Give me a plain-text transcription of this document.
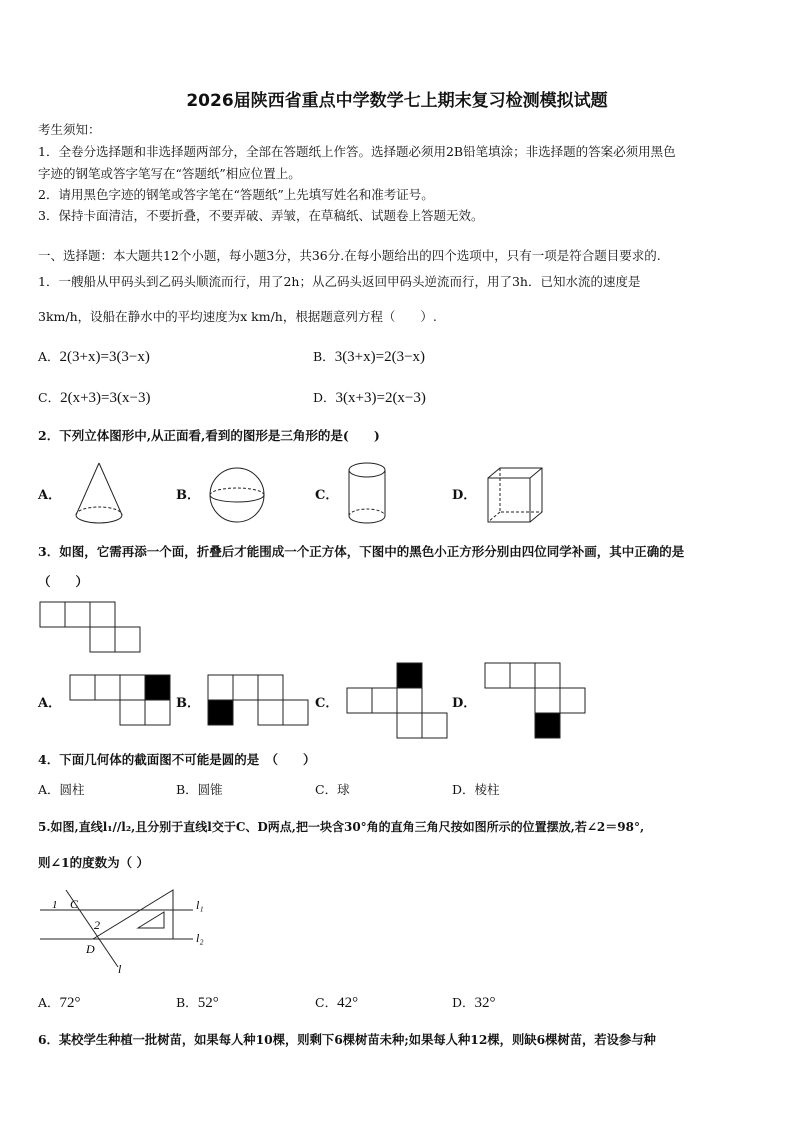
2026届陕西省重点中学数学七上期末复习检测模拟试题
考生须知：
1．全卷分选择题和非选择题两部分，全部在答题纸上作答。选择题必须用2B铅笔填涂；非选择题的答案必须用黑色
字迹的钢笔或答字笔写在“答题纸”相应位置上。
2．请用黑色字迹的钢笔或答字笔在“答题纸”上先填写姓名和准考证号。
3．保持卡面清洁，不要折叠，不要弄破、弄皱，在草稿纸、试题卷上答题无效。
一、选择题：本大题共12个小题，每小题3分，共36分.在每小题给出的四个选项中，只有一项是符合题目要求的.
1．一艘船从甲码头到乙码头顺流而行，用了2h；从乙码头返回甲码头逆流而行，用了3h．已知水流的速度是
3km/h，设船在静水中的平均速度为x km/h，根据题意列方程（　　）.
A．2(3+x)=3(3−x)	B．3(3+x)=2(3−x)
C．2(x+3)=3(x−3)	D．3(x+3)=2(x−3)
2．下列立体图形中,从正面看,看到的图形是三角形的是(　　)
A．	B．	C．	D．
3．如图，它需再添一个面，折叠后才能围成一个正方体，下图中的黑色小正方形分别由四位同学补画，其中正确的是
（　　）
A．	B．	C．	D．
4．下面几何体的截面图不可能是圆的是　（　　）
A．圆柱	B．圆锥	C．球	D．棱柱
5.如图,直线l₁//l₂,且分别于直线l交于C、D两点,把一块含30°角的直角三角尺按如图所示的位置摆放,若∠2＝98°,
则∠1的度数为（ ）
1 C
2
D
l
l₁
l₂
A．72°	B．52°	C．42°	D．32°
6．某校学生种植一批树苗，如果每人种10棵，则剩下6棵树苗未种;如果每人种12棵，则缺6棵树苗，若设参与种
